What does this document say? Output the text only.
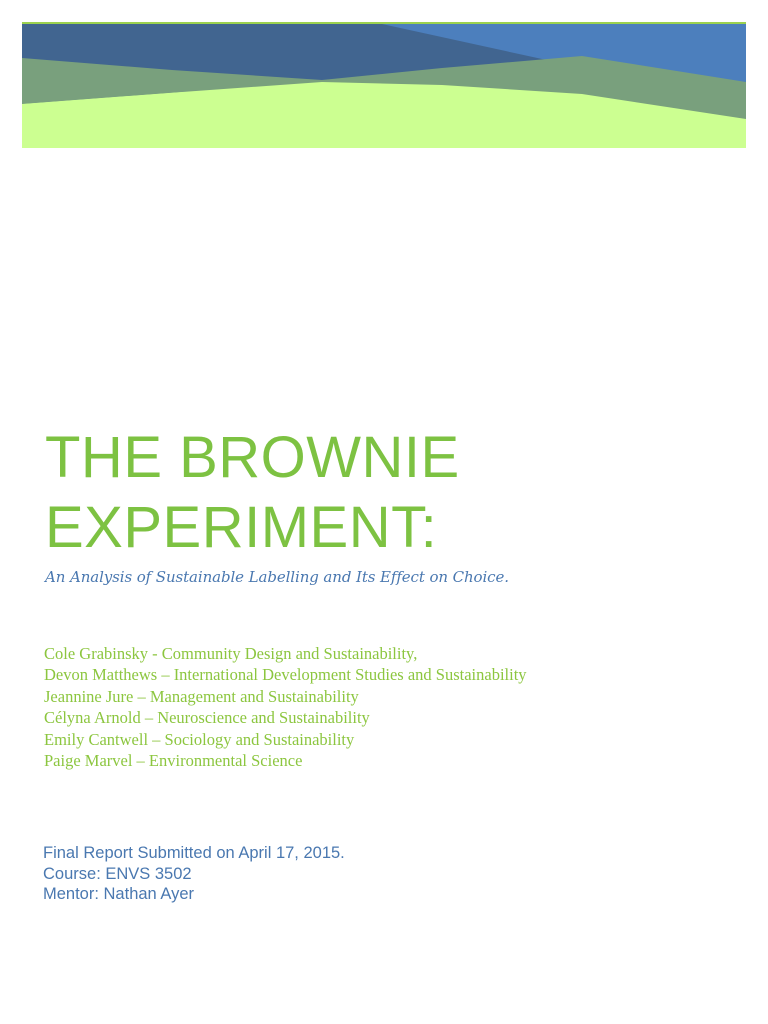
THE BROWNIE
EXPERIMENT:

An Analysis of Sustainable Labelling and Its Effect on Choice.

Cole Grabinsky - Community Design and Sustainability,
Devon Matthews – International Development Studies and Sustainability
Jeannine Jure – Management and Sustainability
Célyna Arnold – Neuroscience and Sustainability
Emily Cantwell – Sociology and Sustainability
Paige Marvel – Environmental Science
Final Report Submitted on April 17, 2015.
Course: ENVS 3502
Mentor: Nathan Ayer
